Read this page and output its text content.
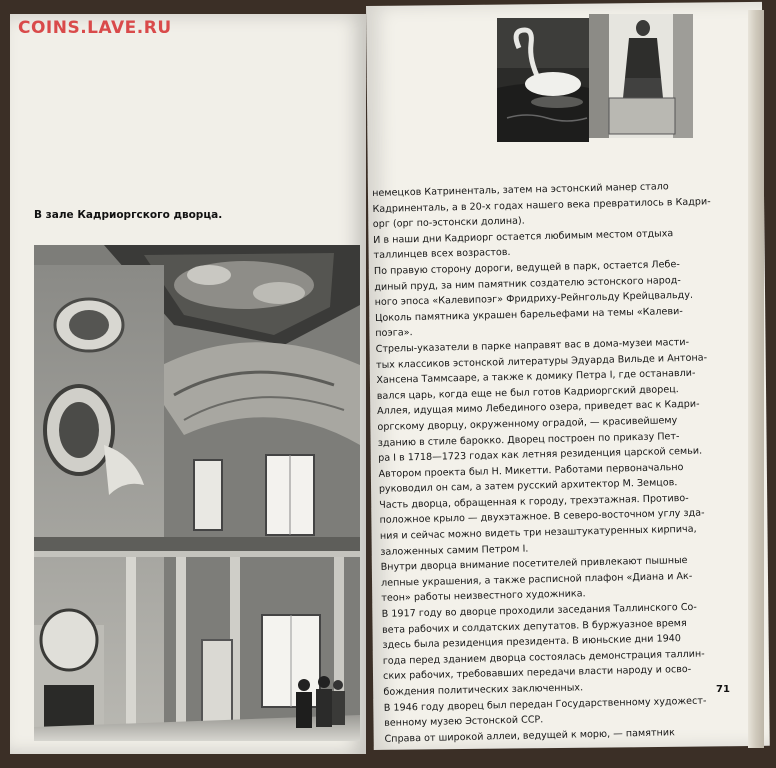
COINS.LAVE.RU
В зале Кадриоргского дворца.
немецков Катриненталь, затем на эстонский манер стало
Кадриненталь, а в 20-х годах нашего века превратилось в Кадри-
орг (орг по-эстонски долина).
И в наши дни Кадриорг остается любимым местом отдыха
таллинцев всех возрастов.
По правую сторону дороги, ведущей в парк, остается Лебе-
диный пруд, за ним памятник создателю эстонского народ-
ного эпоса «Калевипоэг» Фридриху-Рейнгольду Крейцвальду.
Цоколь памятника украшен барельефами на темы «Калеви-
поэга».
Стрелы-указатели в парке направят вас в дома-музеи масти-
тых классиков эстонской литературы Эдуарда Вильде и Антона-
Хансена Таммсааре, а также к домику Петра I, где останавли-
вался царь, когда еще не был готов Кадриоргский дворец.
Аллея, идущая мимо Лебединого озера, приведет вас к Кадри-
оргскому дворцу, окруженному оградой, — красивейшему
зданию в стиле барокко. Дворец построен по приказу Пет-
ра I в 1718—1723 годах как летняя резиденция царской семьи.
Автором проекта был Н. Микетти. Работами первоначально
руководил он сам, а затем русский архитектор М. Земцов.
Часть дворца, обращенная к городу, трехэтажная. Противо-
положное крыло — двухэтажное. В северо-восточном углу зда-
ния и сейчас можно видеть три незаштукатуренных кирпича,
заложенных самим Петром I.
Внутри дворца внимание посетителей привлекают пышные
лепные украшения, а также расписной плафон «Диана и Ак-
теон» работы неизвестного художника.
В 1917 году во дворце проходили заседания Таллинского Со-
вета рабочих и солдатских депутатов. В буржуазное время
здесь была резиденция президента. В июньские дни 1940
года перед зданием дворца состоялась демонстрация таллин-
ских рабочих, требовавших передачи власти народу и осво-
бождения политических заключенных.
В 1946 году дворец был передан Государственному художест-
венному музею Эстонской ССР.
Справа от широкой аллеи, ведущей к морю, — памятник
71
